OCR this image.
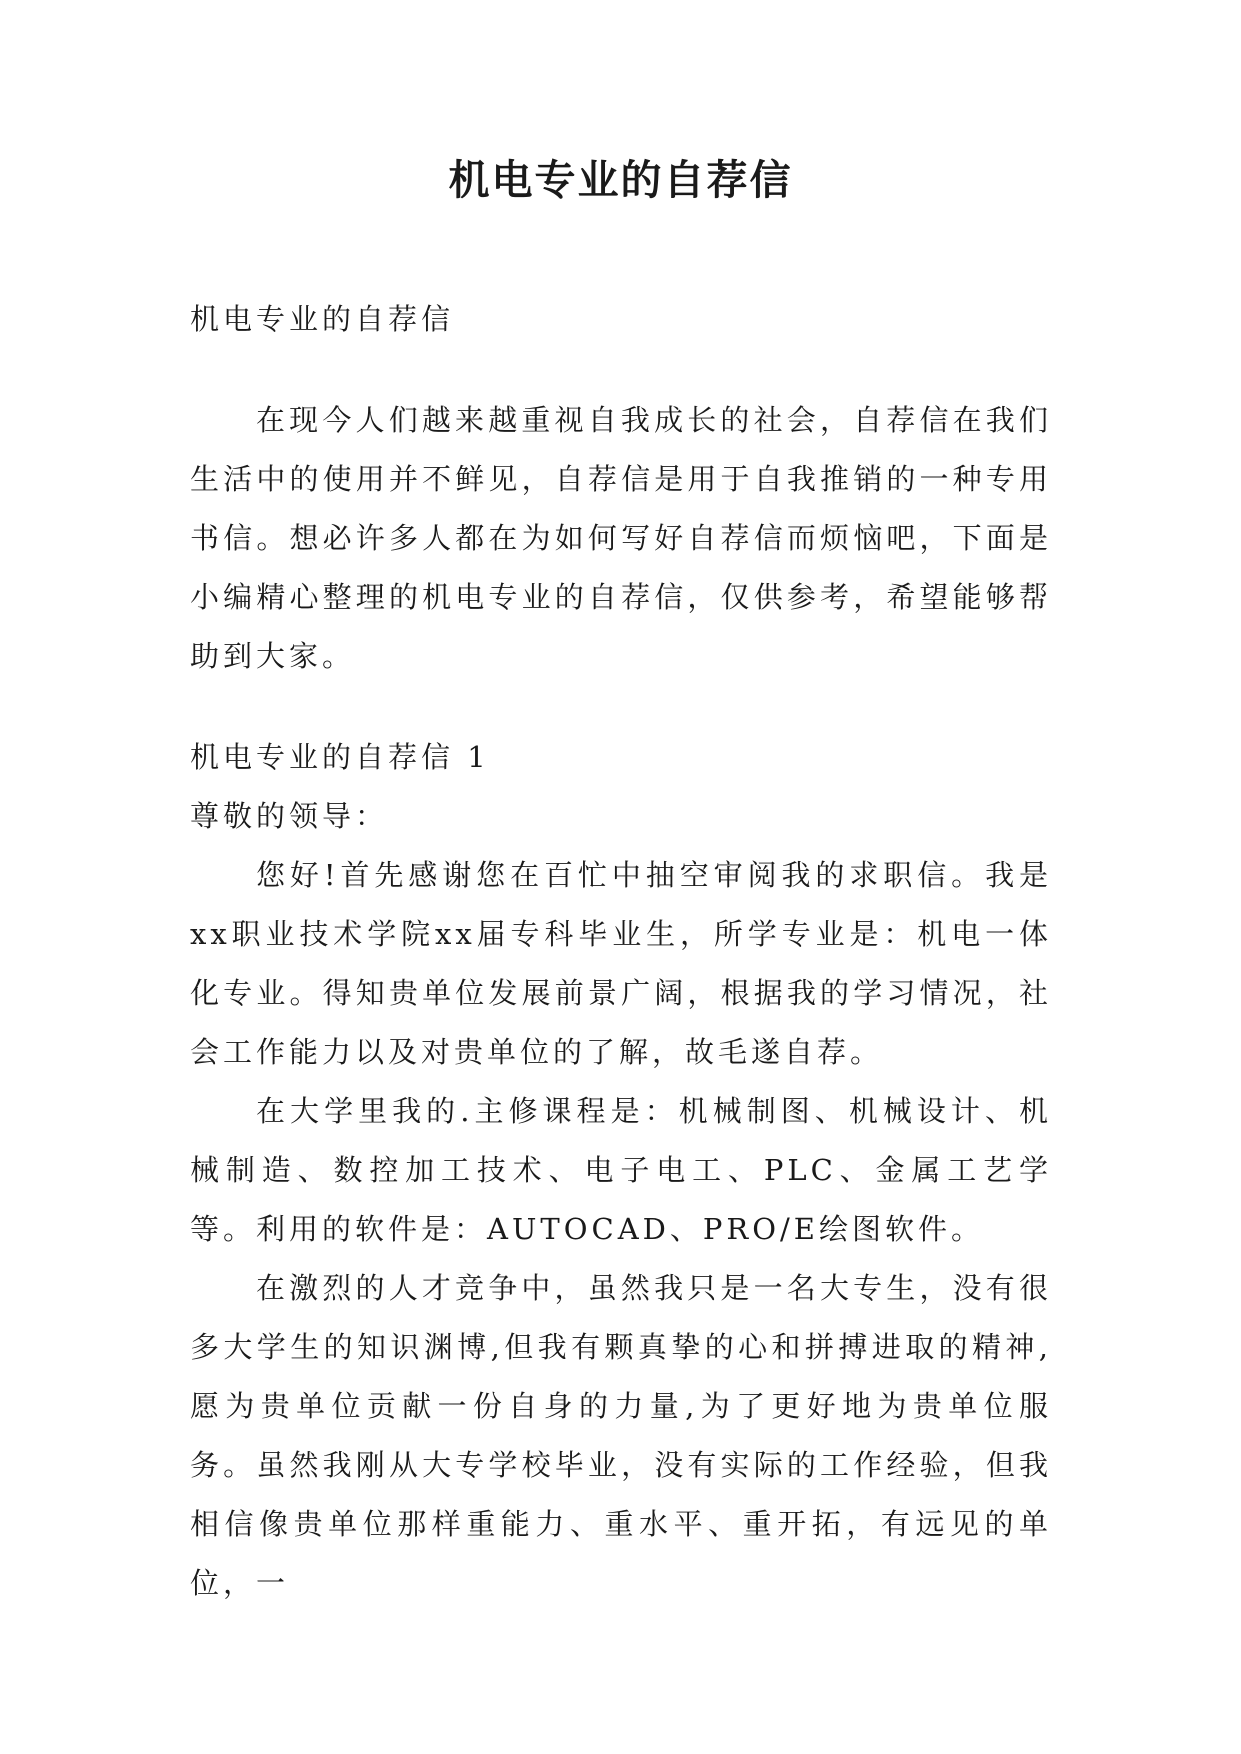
机电专业的自荐信

机电专业的自荐信

在现今人们越来越重视自我成长的社会，自荐信在我们生活中的使用并不鲜见，自荐信是用于自我推销的一种专用书信。想必许多人都在为如何写好自荐信而烦恼吧，下面是小编精心整理的机电专业的自荐信，仅供参考，希望能够帮助到大家。

机电专业的自荐信 1

尊敬的领导：

您好!首先感谢您在百忙中抽空审阅我的求职信。我是xx职业技术学院xx届专科毕业生，所学专业是：机电一体化专业。得知贵单位发展前景广阔，根据我的学习情况，社会工作能力以及对贵单位的了解，故毛遂自荐。

在大学里我的.主修课程是：机械制图、机械设计、机械制造、数控加工技术、电子电工、PLC、金属工艺学等。利用的软件是：AUTOCAD、PRO/E绘图软件。

在激烈的人才竞争中，虽然我只是一名大专生，没有很多大学生的知识渊博,但我有颗真挚的心和拼搏进取的精神,愿为贵单位贡献一份自身的力量,为了更好地为贵单位服务。虽然我刚从大专学校毕业，没有实际的工作经验，但我相信像贵单位那样重能力、重水平、重开拓，有远见的单位，一
